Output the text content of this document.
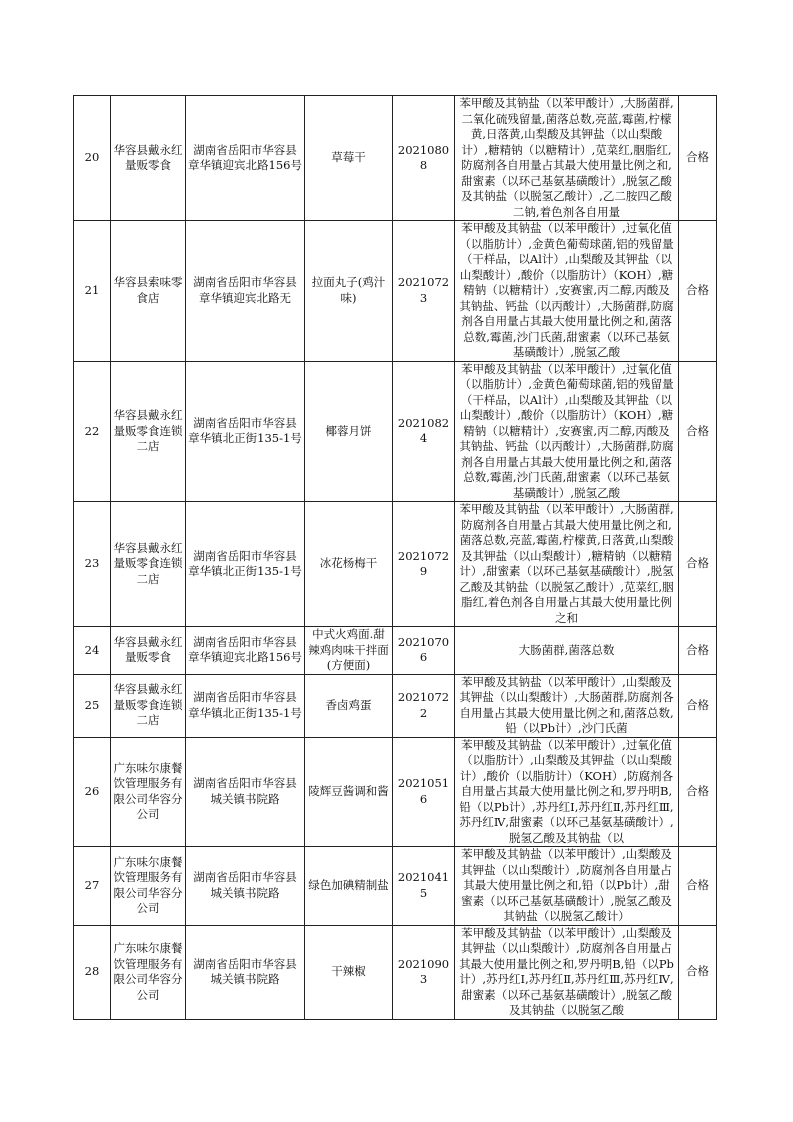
20	华容县戴永红量贩零食	湖南省岳阳市华容县章华镇迎宾北路156号	草莓干	20210808	苯甲酸及其钠盐（以苯甲酸计）,大肠菌群,二氧化硫残留量,菌落总数,亮蓝,霉菌,柠檬黄,日落黄,山梨酸及其钾盐（以山梨酸计）,糖精钠（以糖精计）,苋菜红,胭脂红,防腐剂各自用量占其最大使用量比例之和,甜蜜素（以环己基氨基磺酸计）,脱氢乙酸及其钠盐（以脱氢乙酸计）,乙二胺四乙酸二钠,着色剂各自用量	合格
21	华容县索味零食店	湖南省岳阳市华容县章华镇迎宾北路无	拉面丸子(鸡汁味)	20210723	苯甲酸及其钠盐（以苯甲酸计）,过氧化值（以脂肪计）,金黄色葡萄球菌,铝的残留量（干样品，以Al计）,山梨酸及其钾盐（以山梨酸计）,酸价（以脂肪计）（KOH）,糖精钠（以糖精计）,安赛蜜,丙二醇,丙酸及其钠盐、钙盐（以丙酸计）,大肠菌群,防腐剂各自用量占其最大使用量比例之和,菌落总数,霉菌,沙门氏菌,甜蜜素（以环己基氨基磺酸计）,脱氢乙酸	合格
22	华容县戴永红量贩零食连锁二店	湖南省岳阳市华容县章华镇北正街135-1号	椰蓉月饼	20210824	苯甲酸及其钠盐（以苯甲酸计）,过氧化值（以脂肪计）,金黄色葡萄球菌,铝的残留量（干样品，以Al计）,山梨酸及其钾盐（以山梨酸计）,酸价（以脂肪计）（KOH）,糖精钠（以糖精计）,安赛蜜,丙二醇,丙酸及其钠盐、钙盐（以丙酸计）,大肠菌群,防腐剂各自用量占其最大使用量比例之和,菌落总数,霉菌,沙门氏菌,甜蜜素（以环己基氨基磺酸计）,脱氢乙酸	合格
23	华容县戴永红量贩零食连锁二店	湖南省岳阳市华容县章华镇北正街135-1号	冰花杨梅干	20210729	苯甲酸及其钠盐（以苯甲酸计）,大肠菌群,防腐剂各自用量占其最大使用量比例之和,菌落总数,亮蓝,霉菌,柠檬黄,日落黄,山梨酸及其钾盐（以山梨酸计）,糖精钠（以糖精计）,甜蜜素（以环己基氨基磺酸计）,脱氢乙酸及其钠盐（以脱氢乙酸计）,苋菜红,胭脂红,着色剂各自用量占其最大使用量比例之和	合格
24	华容县戴永红量贩零食	湖南省岳阳市华容县章华镇迎宾北路156号	中式火鸡面.甜辣鸡肉味干拌面(方便面)	20210706	大肠菌群,菌落总数	合格
25	华容县戴永红量贩零食连锁二店	湖南省岳阳市华容县章华镇北正街135-1号	香卤鸡蛋	20210722	苯甲酸及其钠盐（以苯甲酸计）,山梨酸及其钾盐（以山梨酸计）,大肠菌群,防腐剂各自用量占其最大使用量比例之和,菌落总数,铅（以Pb计）,沙门氏菌	合格
26	广东味尔康餐饮管理服务有限公司华容分公司	湖南省岳阳市华容县城关镇书院路	陵辉豆酱调和酱	20210516	苯甲酸及其钠盐（以苯甲酸计）,过氧化值（以脂肪计）,山梨酸及其钾盐（以山梨酸计）,酸价（以脂肪计）（KOH）,防腐剂各自用量占其最大使用量比例之和,罗丹明B,铅（以Pb计）,苏丹红Ⅰ,苏丹红Ⅱ,苏丹红Ⅲ,苏丹红Ⅳ,甜蜜素（以环己基氨基磺酸计）,脱氢乙酸及其钠盐（以	合格
27	广东味尔康餐饮管理服务有限公司华容分公司	湖南省岳阳市华容县城关镇书院路	绿色加碘精制盐	20210415	苯甲酸及其钠盐（以苯甲酸计）,山梨酸及其钾盐（以山梨酸计）,防腐剂各自用量占其最大使用量比例之和,铅（以Pb计）,甜蜜素（以环己基氨基磺酸计）,脱氢乙酸及其钠盐（以脱氢乙酸计）	合格
28	广东味尔康餐饮管理服务有限公司华容分公司	湖南省岳阳市华容县城关镇书院路	干辣椒	20210903	苯甲酸及其钠盐（以苯甲酸计）,山梨酸及其钾盐（以山梨酸计）,防腐剂各自用量占其最大使用量比例之和,罗丹明B,铅（以Pb计）,苏丹红Ⅰ,苏丹红Ⅱ,苏丹红Ⅲ,苏丹红Ⅳ,甜蜜素（以环己基氨基磺酸计）,脱氢乙酸及其钠盐（以脱氢乙酸	合格
